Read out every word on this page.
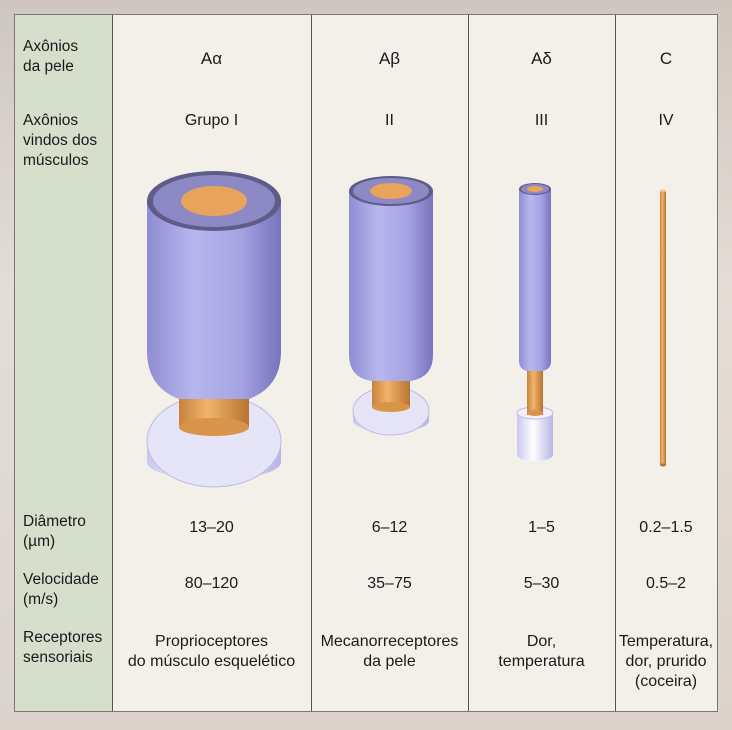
Axônios
da pele
Axônios
vindos dos
músculos
Diâmetro
(µm)
Velocidade
(m/s)
Receptores
sensoriais
Aα
Grupo I
13–20
80–120
Proprioceptores
do músculo esquelético
Aβ
II
6–12
35–75
Mecanorreceptores
da pele
Aδ
III
1–5
5–30
Dor,
temperatura
C
IV
0.2–1.5
0.5–2
Temperatura,
dor, prurido
(coceira)
